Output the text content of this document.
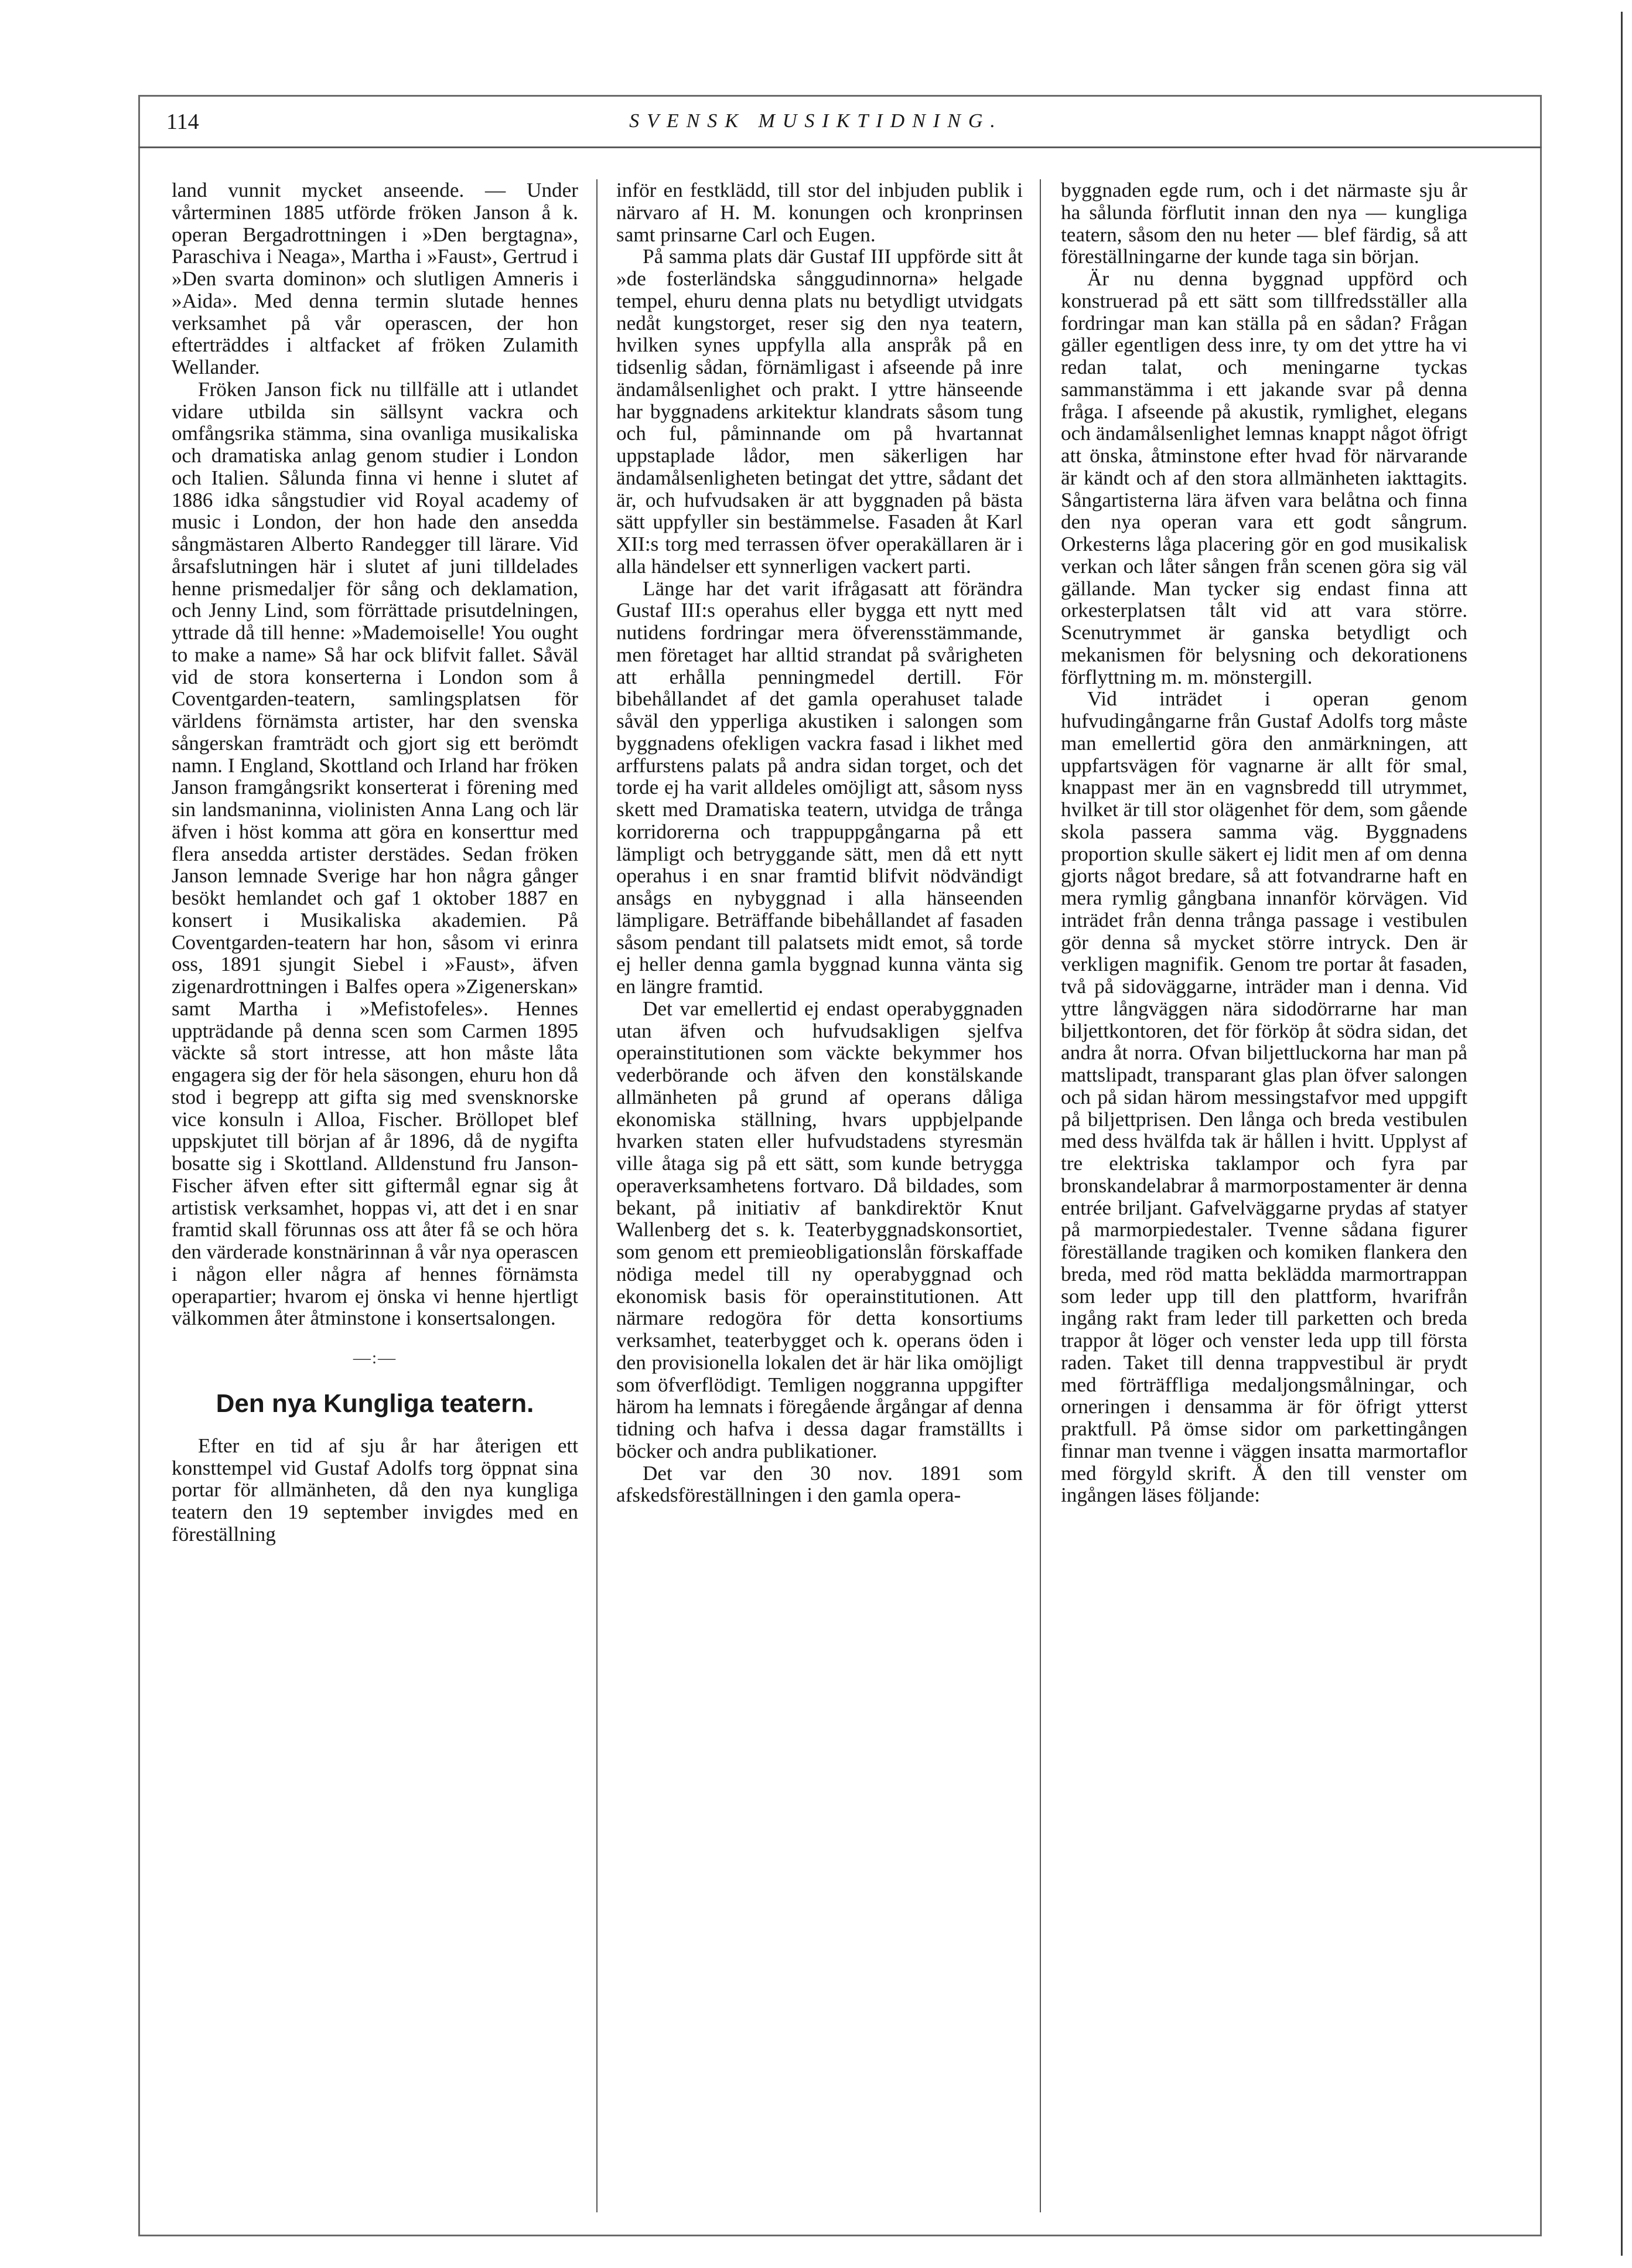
114	SVENSK MUSIKTIDNING.

land vunnit mycket anseende. — Under vårterminen 1885 utförde fröken Janson å k. operan Bergadrottningen i »Den bergtagna», Paraschiva i Neaga», Martha i »Faust», Gertrud i »Den svarta dominon» och slutligen Amneris i »Aida». Med denna termin slutade hennes verksamhet på vår operascen, der hon efterträddes i altfacket af fröken Zulamith Wellander.

Fröken Janson fick nu tillfälle att i utlandet vidare utbilda sin sällsynt vackra och omfångsrika stämma, sina ovanliga musikaliska och dramatiska anlag genom studier i London och Italien. Sålunda finna vi henne i slutet af 1886 idka sångstudier vid Royal academy of music i London, der hon hade den ansedda sångmästaren Alberto Randegger till lärare. Vid årsafslutningen här i slutet af juni tilldelades henne prismedaljer för sång och deklamation, och Jenny Lind, som förrättade prisutdelningen, yttrade då till henne: »Mademoiselle! You ought to make a name» Så har ock blifvit fallet. Såväl vid de stora konserterna i London som å Coventgarden-teatern, samlingsplatsen för världens förnämsta artister, har den svenska sångerskan framträdt och gjort sig ett berömdt namn. I England, Skottland och Irland har fröken Janson framgångsrikt konserterat i förening med sin landsmaninna, violinisten Anna Lang och lär äfven i höst komma att göra en konserttur med flera ansedda artister derstädes. Sedan fröken Janson lemnade Sverige har hon några gånger besökt hemlandet och gaf 1 oktober 1887 en konsert i Musikaliska akademien. På Coventgarden-teatern har hon, såsom vi erinra oss, 1891 sjungit Siebel i »Faust», äfven zigenardrottningen i Balfes opera »Zigenerskan» samt Martha i »Mefistofeles». Hennes uppträdande på denna scen som Carmen 1895 väckte så stort intresse, att hon måste låta engagera sig der för hela säsongen, ehuru hon då stod i begrepp att gifta sig med svensknorske vice konsuln i Alloa, Fischer. Bröllopet blef uppskjutet till början af år 1896, då de nygifta bosatte sig i Skottland. Alldenstund fru Janson-Fischer äfven efter sitt giftermål egnar sig åt artistisk verksamhet, hoppas vi, att det i en snar framtid skall förunnas oss att åter få se och höra den värderade konstnärinnan å vår nya operascen i någon eller några af hennes förnämsta operapartier; hvarom ej önska vi henne hjertligt välkommen åter åtminstone i konsertsalongen.

—:—
Den nya Kungliga teatern.

Efter en tid af sju år har återigen ett konsttempel vid Gustaf Adolfs torg öppnat sina portar för allmänheten, då den nya kungliga teatern den 19 september invigdes med en föreställning

inför en festklädd, till stor del inbjuden publik i närvaro af H. M. konungen och kronprinsen samt prinsarne Carl och Eugen.

På samma plats där Gustaf III uppförde sitt åt »de fosterländska sånggudinnorna» helgade tempel, ehuru denna plats nu betydligt utvidgats nedåt kungstorget, reser sig den nya teatern, hvilken synes uppfylla alla anspråk på en tidsenlig sådan, förnämligast i afseende på inre ändamålsenlighet och prakt. I yttre hänseende har byggnadens arkitektur klandrats såsom tung och ful, påminnande om på hvartannat uppstaplade lådor, men säkerligen har ändamålsenligheten betingat det yttre, sådant det är, och hufvudsaken är att byggnaden på bästa sätt uppfyller sin bestämmelse. Fasaden åt Karl XII:s torg med terrassen öfver operakällaren är i alla händelser ett synnerligen vackert parti.

Länge har det varit ifrågasatt att förändra Gustaf III:s operahus eller bygga ett nytt med nutidens fordringar mera öfverensstämmande, men företaget har alltid strandat på svårigheten att erhålla penningmedel dertill. För bibehållandet af det gamla operahuset talade såväl den ypperliga akustiken i salongen som byggnadens ofekligen vackra fasad i likhet med arffurstens palats på andra sidan torget, och det torde ej ha varit alldeles omöjligt att, såsom nyss skett med Dramatiska teatern, utvidga de trånga korridorerna och trappuppgångarna på ett lämpligt och betryggande sätt, men då ett nytt operahus i en snar framtid blifvit nödvändigt ansågs en nybyggnad i alla hänseenden lämpligare. Beträffande bibehållandet af fasaden såsom pendant till palatsets midt emot, så torde ej heller denna gamla byggnad kunna vänta sig en längre framtid.

Det var emellertid ej endast operabyggnaden utan äfven och hufvudsakligen sjelfva operainstitutionen som väckte bekymmer hos vederbörande och äfven den konstälskande allmänheten på grund af operans dåliga ekonomiska ställning, hvars uppbjelpande hvarken staten eller hufvudstadens styresmän ville åtaga sig på ett sätt, som kunde betrygga operaverksamhetens fortvaro. Då bildades, som bekant, på initiativ af bankdirektör Knut Wallenberg det s. k. Teaterbyggnadskonsortiet, som genom ett premieobligationslån förskaffade nödiga medel till ny operabyggnad och ekonomisk basis för operainstitutionen. Att närmare redogöra för detta konsortiums verksamhet, teaterbygget och k. operans öden i den provisionella lokalen det är här lika omöjligt som öfverflödigt. Temligen noggranna uppgifter härom ha lemnats i föregående årgångar af denna tidning och hafva i dessa dagar framställts i böcker och andra publikationer.

Det var den 30 nov. 1891 som afskedsföreställningen i den gamla opera-

byggnaden egde rum, och i det närmaste sju år ha sålunda förflutit innan den nya — kungliga teatern, såsom den nu heter — blef färdig, så att föreställningarne der kunde taga sin början.

Är nu denna byggnad uppförd och konstruerad på ett sätt som tillfredsställer alla fordringar man kan ställa på en sådan? Frågan gäller egentligen dess inre, ty om det yttre ha vi redan talat, och meningarne tyckas sammanstämma i ett jakande svar på denna fråga. I afseende på akustik, rymlighet, elegans och ändamålsenlighet lemnas knappt något öfrigt att önska, åtminstone efter hvad för närvarande är kändt och af den stora allmänheten iakttagits. Sångartisterna lära äfven vara belåtna och finna den nya operan vara ett godt sångrum. Orkesterns låga placering gör en god musikalisk verkan och låter sången från scenen göra sig väl gällande. Man tycker sig endast finna att orkesterplatsen tålt vid att vara större. Scenutrymmet är ganska betydligt och mekanismen för belysning och dekorationens förflyttning m. m. mönstergill.

Vid inträdet i operan genom hufvudingångarne från Gustaf Adolfs torg måste man emellertid göra den anmärkningen, att uppfartsvägen för vagnarne är allt för smal, knappast mer än en vagnsbredd till utrymmet, hvilket är till stor olägenhet för dem, som gående skola passera samma väg. Byggnadens proportion skulle säkert ej lidit men af om denna gjorts något bredare, så att fotvandrarne haft en mera rymlig gångbana innanför körvägen. Vid inträdet från denna trånga passage i vestibulen gör denna så mycket större intryck. Den är verkligen magnifik. Genom tre portar åt fasaden, två på sidoväggarne, inträder man i denna. Vid yttre långväggen nära sidodörrarne har man biljettkontoren, det för förköp åt södra sidan, det andra åt norra. Ofvan biljettluckorna har man på mattslipadt, transparant glas plan öfver salongen och på sidan härom messingstafvor med uppgift på biljettprisen. Den långa och breda vestibulen med dess hvälfda tak är hållen i hvitt. Upplyst af tre elektriska taklampor och fyra par bronskandelabrar å marmorpostamenter är denna entrée briljant. Gafvelväggarne prydas af statyer på marmorpiedestaler. Tvenne sådana figurer föreställande tragiken och komiken flankera den breda, med röd matta beklädda marmortrappan som leder upp till den plattform, hvarifrån ingång rakt fram leder till parketten och breda trappor åt löger och venster leda upp till första raden. Taket till denna trappvestibul är prydt med förträffliga medaljongsmålningar, och orneringen i densamma är för öfrigt ytterst praktfull. På ömse sidor om parkettingången finnar man tvenne i väggen insatta marmortaflor med förgyld skrift. Å den till venster om ingången läses följande:
